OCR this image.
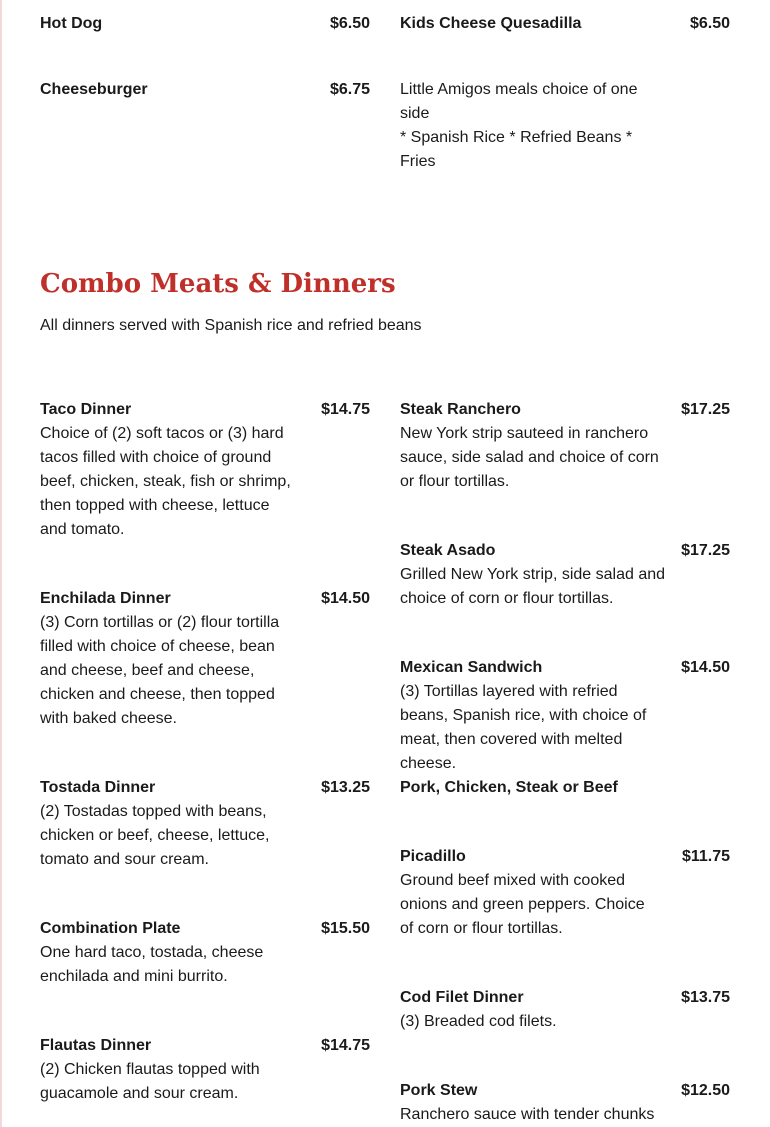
Hot Dog	$6.50
Cheeseburger	$6.75
Kids Cheese Quesadilla	$6.50
Little Amigos meals choice of one side
* Spanish Rice * Refried Beans * Fries
Combo Meats & Dinners
All dinners served with Spanish rice and refried beans
Taco Dinner	$14.75
Choice of (2) soft tacos or (3) hard tacos filled with choice of ground beef, chicken, steak, fish or shrimp, then topped with cheese, lettuce and tomato.
Enchilada Dinner	$14.50
(3) Corn tortillas or (2) flour tortilla filled with choice of cheese, bean and cheese, beef and cheese, chicken and cheese, then topped with baked cheese.
Tostada Dinner	$13.25
(2) Tostadas topped with beans, chicken or beef, cheese, lettuce, tomato and sour cream.
Combination Plate	$15.50
One hard taco, tostada, cheese enchilada and mini burrito.
Flautas Dinner	$14.75
(2) Chicken flautas topped with guacamole and sour cream.
Steak Ranchero	$17.25
New York strip sauteed in ranchero sauce, side salad and choice of corn or flour tortillas.
Steak Asado	$17.25
Grilled New York strip, side salad and choice of corn or flour tortillas.
Mexican Sandwich	$14.50
(3) Tortillas layered with refried beans, Spanish rice, with choice of meat, then covered with melted cheese.
Pork, Chicken, Steak or Beef
Picadillo	$11.75
Ground beef mixed with cooked onions and green peppers. Choice of corn or flour tortillas.
Cod Filet Dinner	$13.75
(3) Breaded cod filets.
Pork Stew	$12.50
Ranchero sauce with tender chunks
